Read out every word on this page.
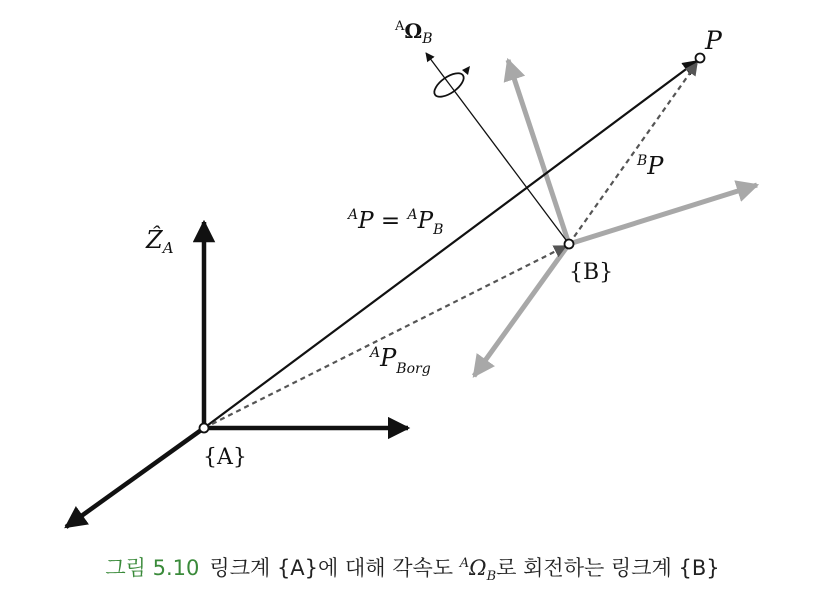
{A}
{B}
P
Ẑ$_A$
$^A\Omega_B$
$^AP = ^AP_B$
$^B$P
$^AP_{Borg}$
그림 5.10 링크계 {A}에 대해 각속도 $^A\Omega_B$로 회전하는 링크계 {B}
